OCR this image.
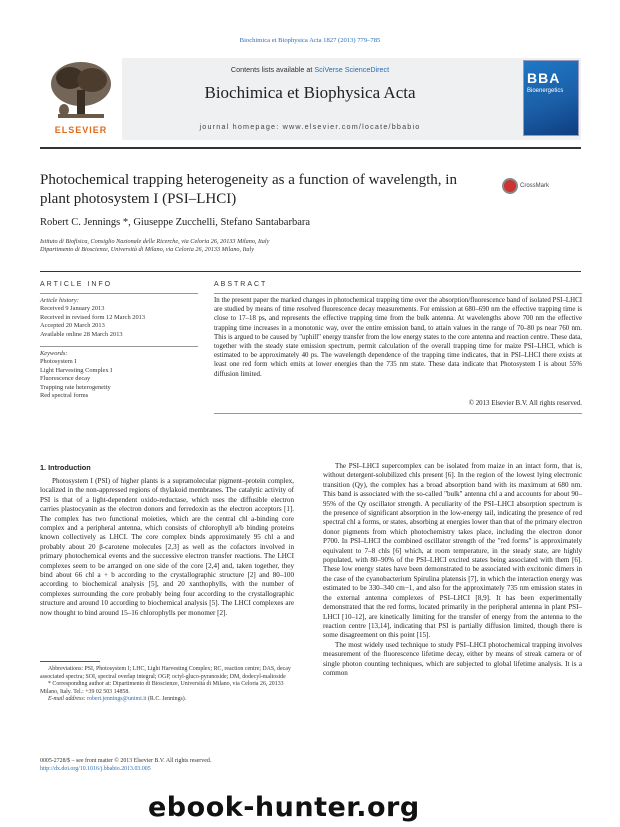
Biochimica et Biophysica Acta 1827 (2013) 779–785
ELSEVIER
Contents lists available at SciVerse ScienceDirect
Biochimica et Biophysica Acta
journal homepage: www.elsevier.com/locate/bbabio
BBA
Bioenergetics
Photochemical trapping heterogeneity as a function of wavelength, in plant photosystem I (PSI–LHCI)
CrossMark
Robert C. Jennings *, Giuseppe Zucchelli, Stefano Santabarbara
Istituto di Biofisica, Consiglio Nazionale delle Ricerche, via Celoria 26, 20133 Milano, Italy
Dipartimento di Bioscienze, Università di Milano, via Celoria 26, 20133 Milano, Italy
ARTICLE INFO
Article history:
Received 9 January 2013
Received in revised form 12 March 2013
Accepted 20 March 2013
Available online 28 March 2013
Keywords:
Photosystem I
Light Harvesting Complex I
Fluorescence decay
Trapping rate heterogeneity
Red spectral forms
ABSTRACT
In the present paper the marked changes in photochemical trapping time over the absorption/fluorescence band of isolated PSI–LHCI are studied by means of time resolved fluorescence decay measurements. For emission at 680–690 nm the effective trapping time is close to 17–18 ps, and represents the effective trapping time from the bulk antenna. At wavelengths above 700 nm the effective trapping time increases in a monotonic way, over the entire emission band, to attain values in the range of 70–80 ps near 760 nm. This is argued to be caused by "uphill" energy transfer from the low energy states to the core antenna and reaction centre. These data, together with the steady state emission spectrum, permit calculation of the overall trapping time for maize PSI–LHCI, which is estimated to be approximately 40 ps. The wavelength dependence of the trapping time indicates, that in PSI–LHCI there exists at least one red form which emits at lower energies than the 735 nm state. These data indicate that Photosystem I is about 55% diffusion limited.
© 2013 Elsevier B.V. All rights reserved.
1. Introduction

Photosystem I (PSI) of higher plants is a supramolecular pigment–protein complex, localized in the non-appressed regions of thylakoid membranes. The catalytic activity of PSI is that of a light-dependent oxido-reductase, which uses the diffusible electron carries plastocyanin as the electron donors and ferredoxin as the electron acceptors [1]. The complex has two functional moieties, which are the central chl a-binding core complex and a peripheral antenna, which consists of chlorophyll a/b binding proteins known collectively as LHCI. The core complex binds approximately 95 chl a and probably about 20 β-carotene molecules [2,3] as well as the cofactors involved in primary photochemical events and the successive electron transfer reactions. The LHCI complexes seem to be arranged on one side of the core [2,4] and, taken together, they bind about 66 chl a + b according to the crystallographic structure [2] and 80–100 according to biochemical analysis [5], and 20 xanthophylls, with the number of complexes surrounding the core probably being four according to the crystallographic structure and around 10 according to biochemical analysis [5]. The LHCI complexes are now thought to bind around 15–16 chlorophylls per monomer [2].

The PSI–LHCI supercomplex can be isolated from maize in an intact form, that is, without detergent-solubilized chls present [6]. In the region of the lowest lying electronic transition (Qy), the complex has a broad absorption band with its maximum at 680 nm. This band is associated with the so-called "bulk" antenna chl a and accounts for about 90–95% of the Qy oscillator strength. A peculiarity of the PSI–LHCI absorption spectrum is the presence of significant absorption in the low-energy tail, indicating the presence of red spectral chl a forms, or states, absorbing at energies lower than that of the primary electron donor pigments from which photochemistry takes place, including the electron donor P700. In PSI–LHCI the combined oscillator strength of the "red forms" is approximately equivalent to 7–8 chls [6] which, at room temperature, in the steady state, are highly populated, with 80–90% of the PSI–LHCI excited states being associated with them [6]. These low energy states have been demonstrated to be associated with excitonic dimers in the case of the cyanobacterium Spirulina platensis [7], in which the interaction energy was estimated to be 330–340 cm−1, and also for the approximately 735 nm emission states in the external antenna complexes of PSI–LHCI [8,9]. It has been experimentally demonstrated that the red forms, located primarily in the peripheral antenna in plant PSI–LHCI [10–12], are kinetically limiting for the transfer of energy from the antenna to the reaction centre [13,14], indicating that PSI is partially diffusion limited, though there is some disagreement on this point [15].

The most widely used technique to study PSI–LHCI photochemical trapping involves measurement of the fluorescence lifetime decay, either by means of streak camera or of single photon counting techniques, which are subjected to global lifetime analysis. It is a common

Abbreviations: PSI, Photosystem I; LHC, Light Harvesting Complex; RC, reaction centre; DAS, decay associated spectra; SOI, spectral overlap integral; OGP, octyl-gluco-pyranoside; DM, dodecyl-maltoside
* Corresponding author at: Dipartimento di Bioscienze, Università di Milano, via Celoria 26, 20133 Milano, Italy. Tel.: +39 02 503 14858.
E-mail address: robert.jennings@unimi.it (R.C. Jennings).
0005-2728/$ – see front matter © 2013 Elsevier B.V. All rights reserved.
http://dx.doi.org/10.1016/j.bbabio.2013.03.005
ebook-hunter.org
